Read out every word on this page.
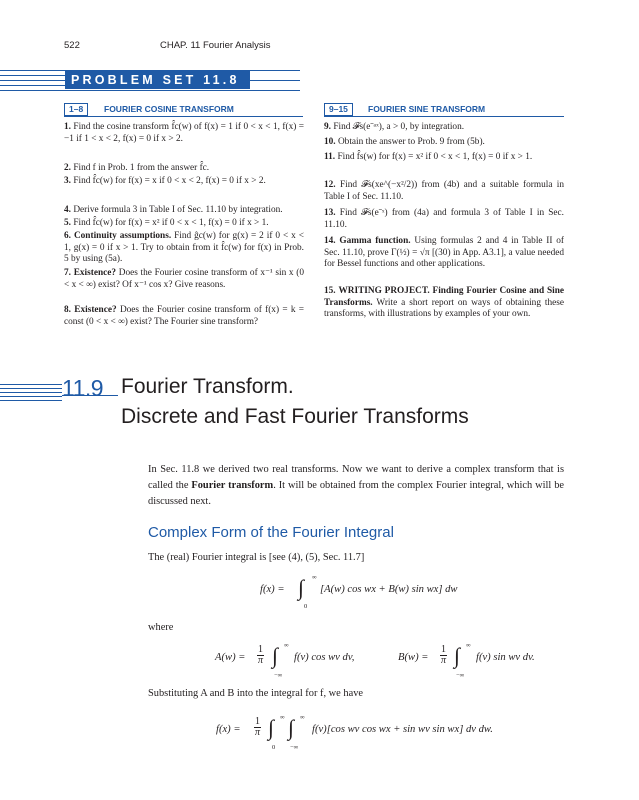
522	CHAP. 11 Fourier Analysis
PROBLEM SET 11.8
1–8	FOURIER COSINE TRANSFORM	9–15	FOURIER SINE TRANSFORM
1. Find the cosine transform f̂c(w) of f(x) = 1 if 0 < x < 1, f(x) = −1 if 1 < x < 2, f(x) = 0 if x > 2.
2. Find f in Prob. 1 from the answer f̂c.
3. Find f̂c(w) for f(x) = x if 0 < x < 2, f(x) = 0 if x > 2.
4. Derive formula 3 in Table I of Sec. 11.10 by integration.
5. Find f̂c(w) for f(x) = x² if 0 < x < 1, f(x) = 0 if x > 1.
6. Continuity assumptions. Find ĝc(w) for g(x) = 2 if 0 < x < 1, g(x) = 0 if x > 1. Try to obtain from it f̂c(w) for f(x) in Prob. 5 by using (5a).
7. Existence? Does the Fourier cosine transform of x⁻¹ sin x (0 < x < ∞) exist? Of x⁻¹ cos x? Give reasons.
8. Existence? Does the Fourier cosine transform of f(x) = k = const (0 < x < ∞) exist? The Fourier sine transform?
9. Find 𝓕s(e⁻ᵃˣ), a > 0, by integration.
10. Obtain the answer to Prob. 9 from (5b).
11. Find f̂s(w) for f(x) = x² if 0 < x < 1, f(x) = 0 if x > 1.
12. Find 𝓕s(xe^(−x²/2)) from (4b) and a suitable formula in Table I of Sec. 11.10.
13. Find 𝓕s(e⁻ˣ) from (4a) and formula 3 of Table I in Sec. 11.10.
14. Gamma function. Using formulas 2 and 4 in Table II of Sec. 11.10, prove Γ(½) = √π [(30) in App. A3.1], a value needed for Bessel functions and other applications.
15. WRITING PROJECT. Finding Fourier Cosine and Sine Transforms. Write a short report on ways of obtaining these transforms, with illustrations by examples of your own.
11.9 Fourier Transform.
Discrete and Fast Fourier Transforms
In Sec. 11.8 we derived two real transforms. Now we want to derive a complex transform that is called the Fourier transform. It will be obtained from the complex Fourier integral, which will be discussed next.
Complex Form of the Fourier Integral
The (real) Fourier integral is [see (4), (5), Sec. 11.7]
f(x) = ∫ ∞
0
[A(w) cos wx + B(w) sin wx] dw
where
$A(w) = \frac{1}{\pi}$ ∫ ∞
−∞
f(v) cos wv dv,	$B(w) = \frac{1}{\pi}$ ∫ ∞
−∞
f(v) sin wv dv.
Substituting A and B into the integral for f, we have
$f(x) = \frac{1}{\pi}$ ∫ ∞
0
∫ ∞
−∞
f(v)[cos wv cos wx + sin wv sin wx] dv dw.
